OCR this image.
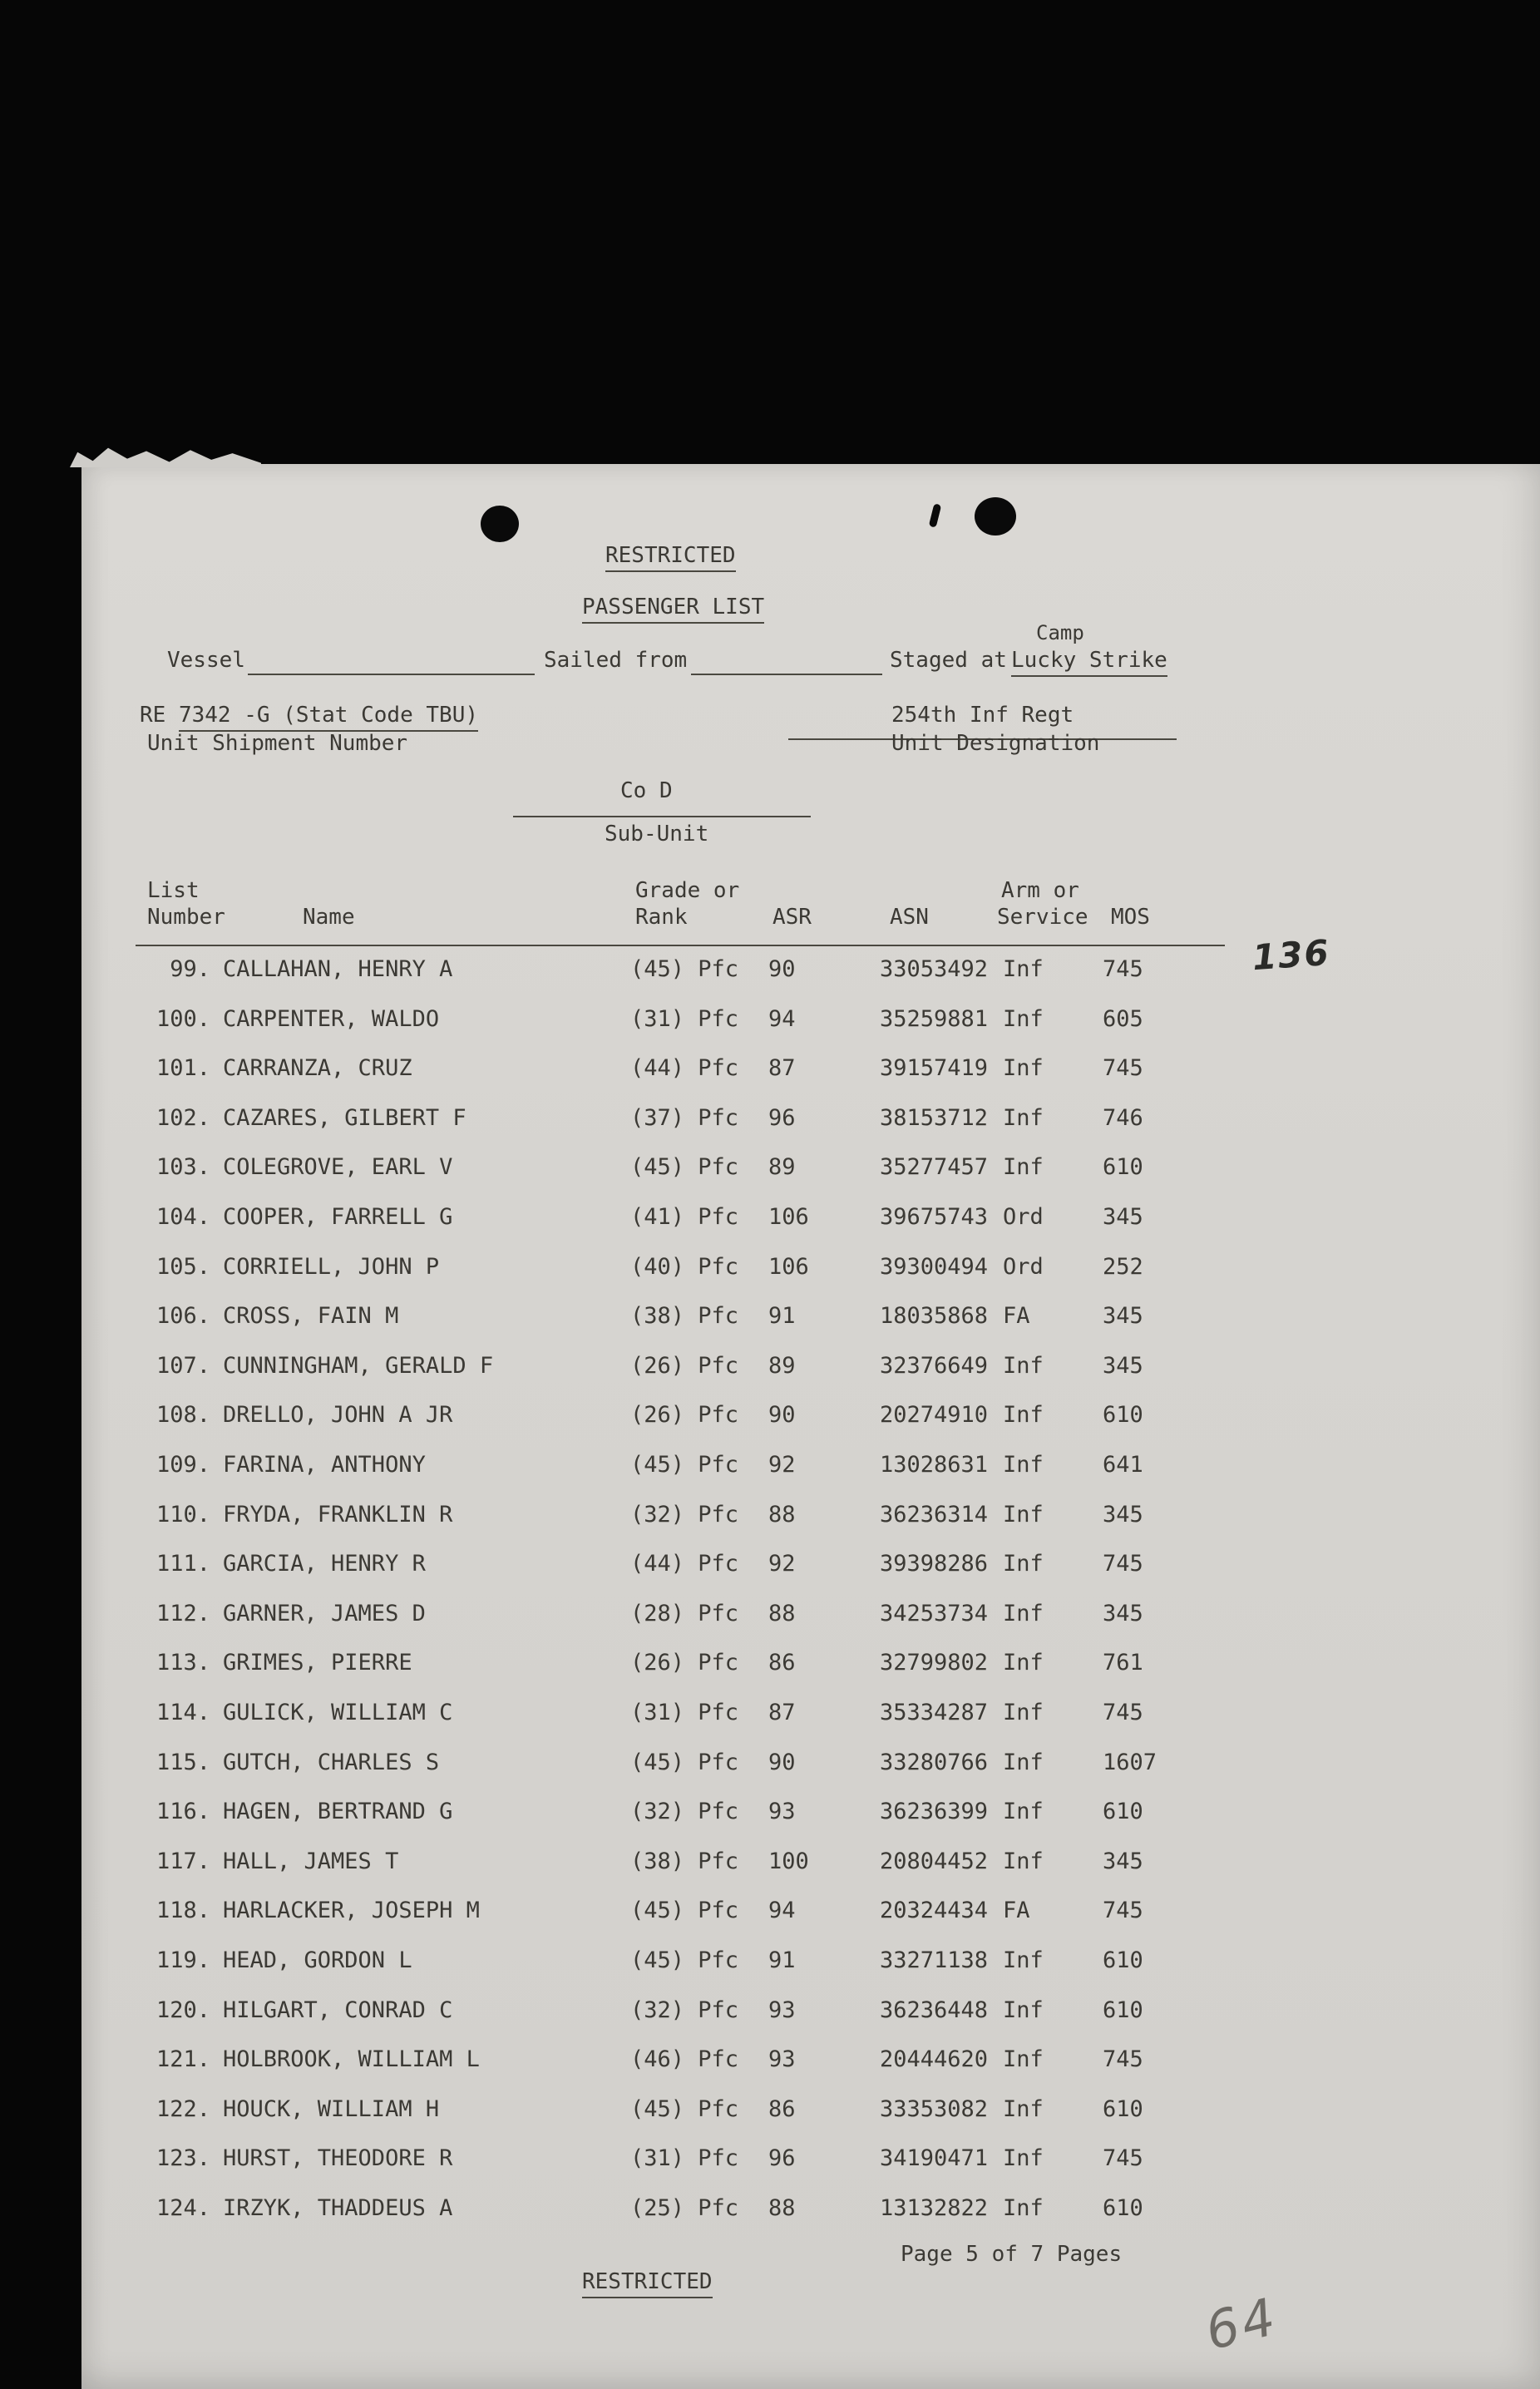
RESTRICTED
PASSENGER LIST
Camp
Vessel	Sailed from	Staged at Lucky Strike
RE 7342 -G (Stat Code TBU)	254th Inf Regt
Unit Shipment Number	Unit Designation
Co D
Sub-Unit
List	Grade or	Arm or
Number	Name	Rank	ASR	ASN	Service MOS
99. CALLAHAN, HENRY A	(45) Pfc 90	33053492 Inf	745
100. CARPENTER, WALDO	(31) Pfc 94	35259881 Inf	605
101. CARRANZA, CRUZ	(44) Pfc 87	39157419 Inf	745
102. CAZARES, GILBERT F	(37) Pfc 96	38153712 Inf	746
103. COLEGROVE, EARL V	(45) Pfc 89	35277457 Inf	610
104. COOPER, FARRELL G	(41) Pfc 106	39675743 Ord	345
105. CORRIELL, JOHN P	(40) Pfc 106	39300494 Ord	252
106. CROSS, FAIN M	(38) Pfc 91	18035868 FA	345
107. CUNNINGHAM, GERALD F	(26) Pfc 89	32376649 Inf	345
108. DRELLO, JOHN A JR	(26) Pfc 90	20274910 Inf	610
109. FARINA, ANTHONY	(45) Pfc 92	13028631 Inf	641
110. FRYDA, FRANKLIN R	(32) Pfc 88	36236314 Inf	345
111. GARCIA, HENRY R	(44) Pfc 92	39398286 Inf	745
112. GARNER, JAMES D	(28) Pfc 88	34253734 Inf	345
113. GRIMES, PIERRE	(26) Pfc 86	32799802 Inf	761
114. GULICK, WILLIAM C	(31) Pfc 87	35334287 Inf	745
115. GUTCH, CHARLES S	(45) Pfc 90	33280766 Inf	1607
116. HAGEN, BERTRAND G	(32) Pfc 93	36236399 Inf	610
117. HALL, JAMES T	(38) Pfc 100	20804452 Inf	345
118. HARLACKER, JOSEPH M	(45) Pfc 94	20324434 FA	745
119. HEAD, GORDON L	(45) Pfc 91	33271138 Inf	610
120. HILGART, CONRAD C	(32) Pfc 93	36236448 Inf	610
121. HOLBROOK, WILLIAM L	(46) Pfc 93	20444620 Inf	745
122. HOUCK, WILLIAM H	(45) Pfc 86	33353082 Inf	610
123. HURST, THEODORE R	(31) Pfc 96	34190471 Inf	745
124. IRZYK, THADDEUS A	(25) Pfc 88	13132822 Inf	610
Page 5 of 7 Pages
RESTRICTED
136
64
